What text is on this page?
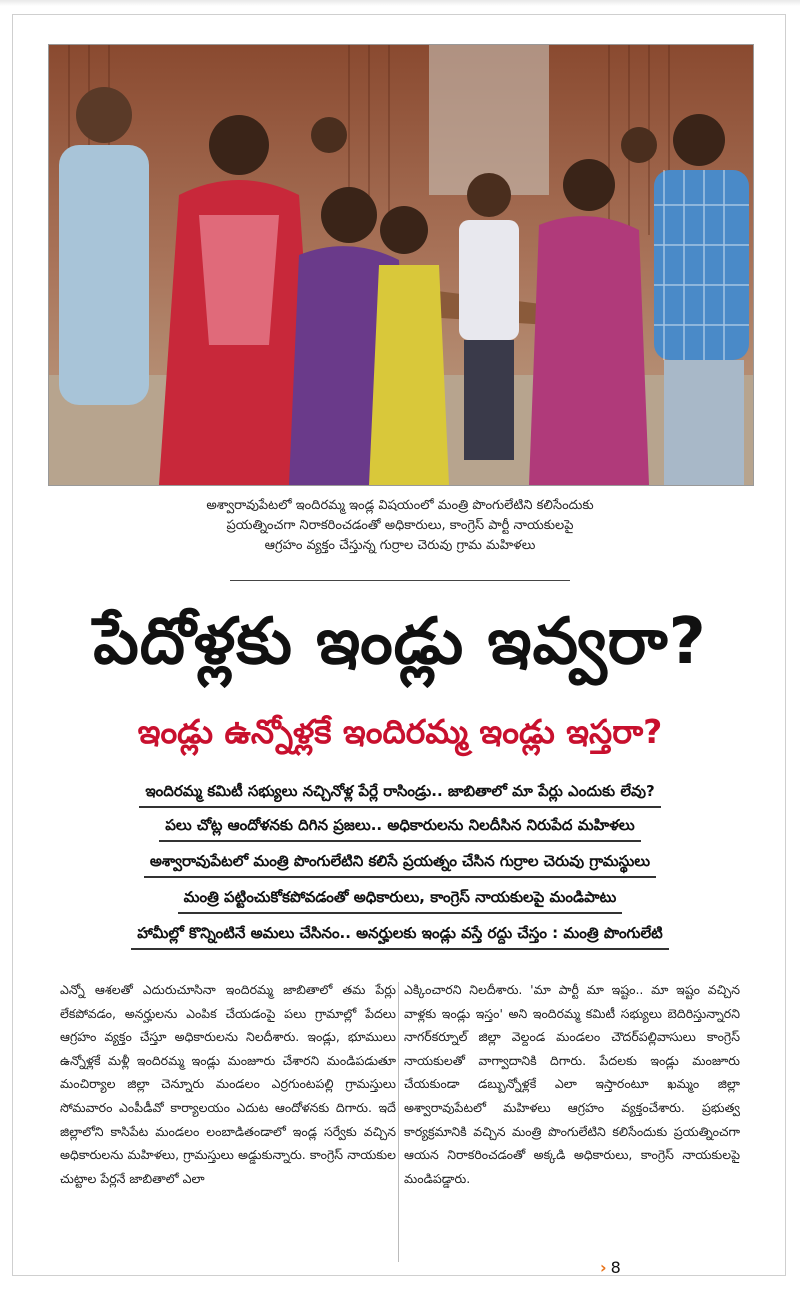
అశ్వారావుపేటలో ఇందిరమ్మ ఇండ్ల విషయంలో మంత్రి పొంగులేటిని కలిసేందుకు
ప్రయత్నించగా నిరాకరించడంతో అధికారులు, కాంగ్రెస్ పార్టీ నాయకులపై
ఆగ్రహం వ్యక్తం చేస్తున్న గుర్రాల చెరువు గ్రామ మహిళలు
పేదోళ్లకు ఇండ్లు ఇవ్వరా?
ఇండ్లు ఉన్నోళ్లకే ఇందిరమ్మ ఇండ్లు ఇస్తరా?
ఇందిరమ్మ కమిటీ సభ్యులు నచ్చినోళ్ల పేర్లే రాసిండ్రు.. జాబితాలో మా పేర్లు ఎందుకు లేవు?
పలు చోట్ల ఆందోళనకు దిగిన ప్రజలు.. అధికారులను నిలదీసిన నిరుపేద మహిళలు
అశ్వారావుపేటలో మంత్రి పొంగులేటిని కలిసే ప్రయత్నం చేసిన గుర్రాల చెరువు గ్రామస్థులు
మంత్రి పట్టించుకోకపోవడంతో అధికారులు, కాంగ్రెస్ నాయకులపై మండిపాటు
హామీల్లో కొన్నింటినే అమలు చేసినం.. అనర్హులకు ఇండ్లు వస్తే రద్దు చేస్తం : మంత్రి పొంగులేటి
ఎన్నో ఆశలతో ఎదురుచూసినా ఇందిరమ్మ జాబితాలో తమ పేర్లు లేకపోవడం, అనర్హులను ఎంపిక చేయడంపై పలు గ్రామాల్లో పేదలు ఆగ్రహం వ్యక్తం చేస్తూ అధికారులను నిలదీశారు. ఇండ్లు, భూములు ఉన్నోళ్లకే మళ్లీ ఇందిరమ్మ ఇండ్లు మంజూరు చేశారని మండిపడుతూ మంచిర్యాల జిల్లా చెన్నూరు మండలం ఎర్రగుంటపల్లి గ్రామస్తులు సోమవారం ఎంపీడీవో కార్యాలయం ఎదుట ఆందోళనకు దిగారు. ఇదే జిల్లాలోని కాసిపేట మండలం లంబాడితండాలో ఇండ్ల సర్వేకు వచ్చిన అధికారులను మహిళలు, గ్రామస్తులు అడ్డుకున్నారు. కాంగ్రెస్ నాయకుల చుట్టాల పేర్లనే జాబితాలో ఎలా
ఎక్కించారని నిలదీశారు. 'మా పార్టీ మా ఇష్టం.. మా ఇష్టం వచ్చిన వాళ్లకు ఇండ్లు ఇస్తం' అని ఇందిరమ్మ కమిటీ సభ్యులు బెదిరిస్తున్నారని నాగర్‌కర్నూల్ జిల్లా వెల్దండ మండలం చౌదర్‌పల్లివాసులు కాంగ్రెస్ నాయకులతో వాగ్వాదానికి దిగారు. పేదలకు ఇండ్లు మంజూరు చేయకుండా డబ్బున్నోళ్లకే ఎలా ఇస్తారంటూ ఖమ్మం జిల్లా అశ్వారావుపేటలో మహిళలు ఆగ్రహం వ్యక్తంచేశారు. ప్రభుత్వ కార్యక్రమానికి వచ్చిన మంత్రి పొంగులేటిని కలిసేందుకు ప్రయత్నించగా ఆయన నిరాకరించడంతో అక్కడి అధికారులు, కాంగ్రెస్ నాయకులపై మండిపడ్డారు.
› 8
